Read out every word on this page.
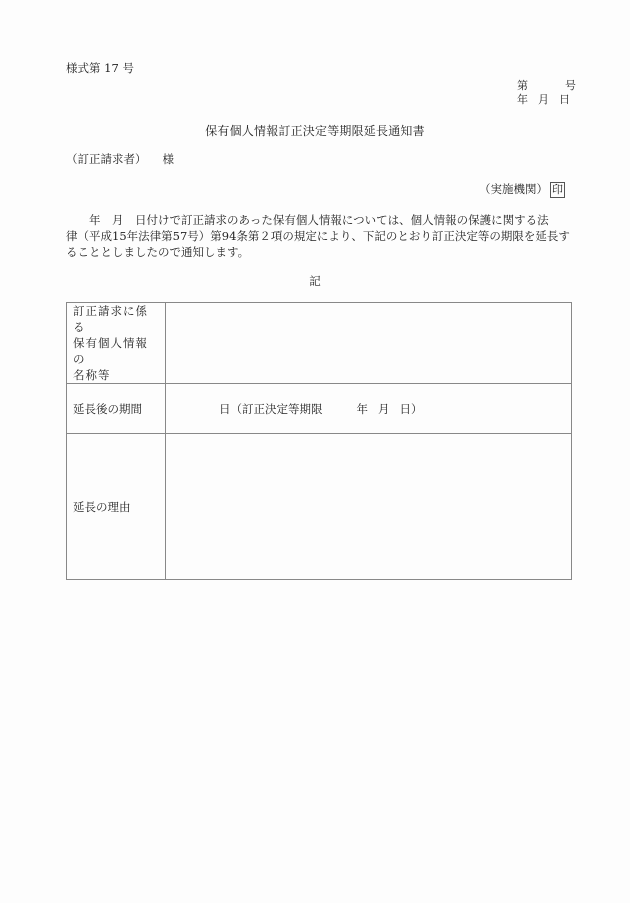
様式第 17 号
第	号
年 月 日
保有個人情報訂正決定等期限延長通知書
（訂正請求者） 様
（実施機関） 印
　　年　月　日付けで訂正請求のあった保有個人情報については、個人情報の保護に関する法
律（平成15年法律第57号）第94条第２項の規定により、下記のとおり訂正決定等の期限を延長す
ることとしましたので通知します。
記
訂正請求に係る
保有個人情報の
名称等	

延長後の期間	日（訂正決定等期限 年 月 日）
延長の理由	
